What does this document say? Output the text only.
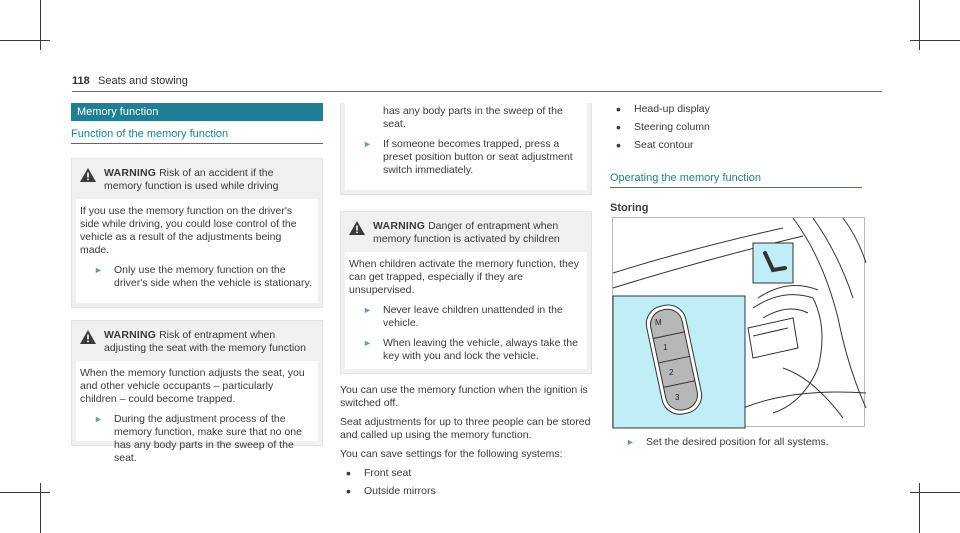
118 Seats and stowing
Memory function
Function of the memory function
WARNING Risk of an accident if the memory function is used while driving

If you use the memory function on the driver's side while driving, you could lose control of the vehicle as a result of the adjustments being made.

►	Only use the memory function on the driver's side when the vehicle is stationary.
WARNING Risk of entrapment when adjusting the seat with the memory function

When the memory function adjusts the seat, you and other vehicle occupants – particularly children – could become trapped.

►	During the adjustment process of the memory function, make sure that no one has any body parts in the sweep of the seat.
has any body parts in the sweep of the seat.
►	If someone becomes trapped, press a preset position button or seat adjustment switch immediately.
WARNING Danger of entrapment when memory function is activated by children

When children activate the memory function, they can get trapped, especially if they are unsupervised.

►	Never leave children unattended in the vehicle.
►	When leaving the vehicle, always take the key with you and lock the vehicle.

You can use the memory function when the ignition is switched off.

Seat adjustments for up to three people can be stored and called up using the memory function.

You can save settings for the following systems:

•	Front seat
•	Outside mirrors
•	Head-up display
•	Steering column
•	Seat contour
Operating the memory function
Storing
M
1
2
3
►	Set the desired position for all systems.
